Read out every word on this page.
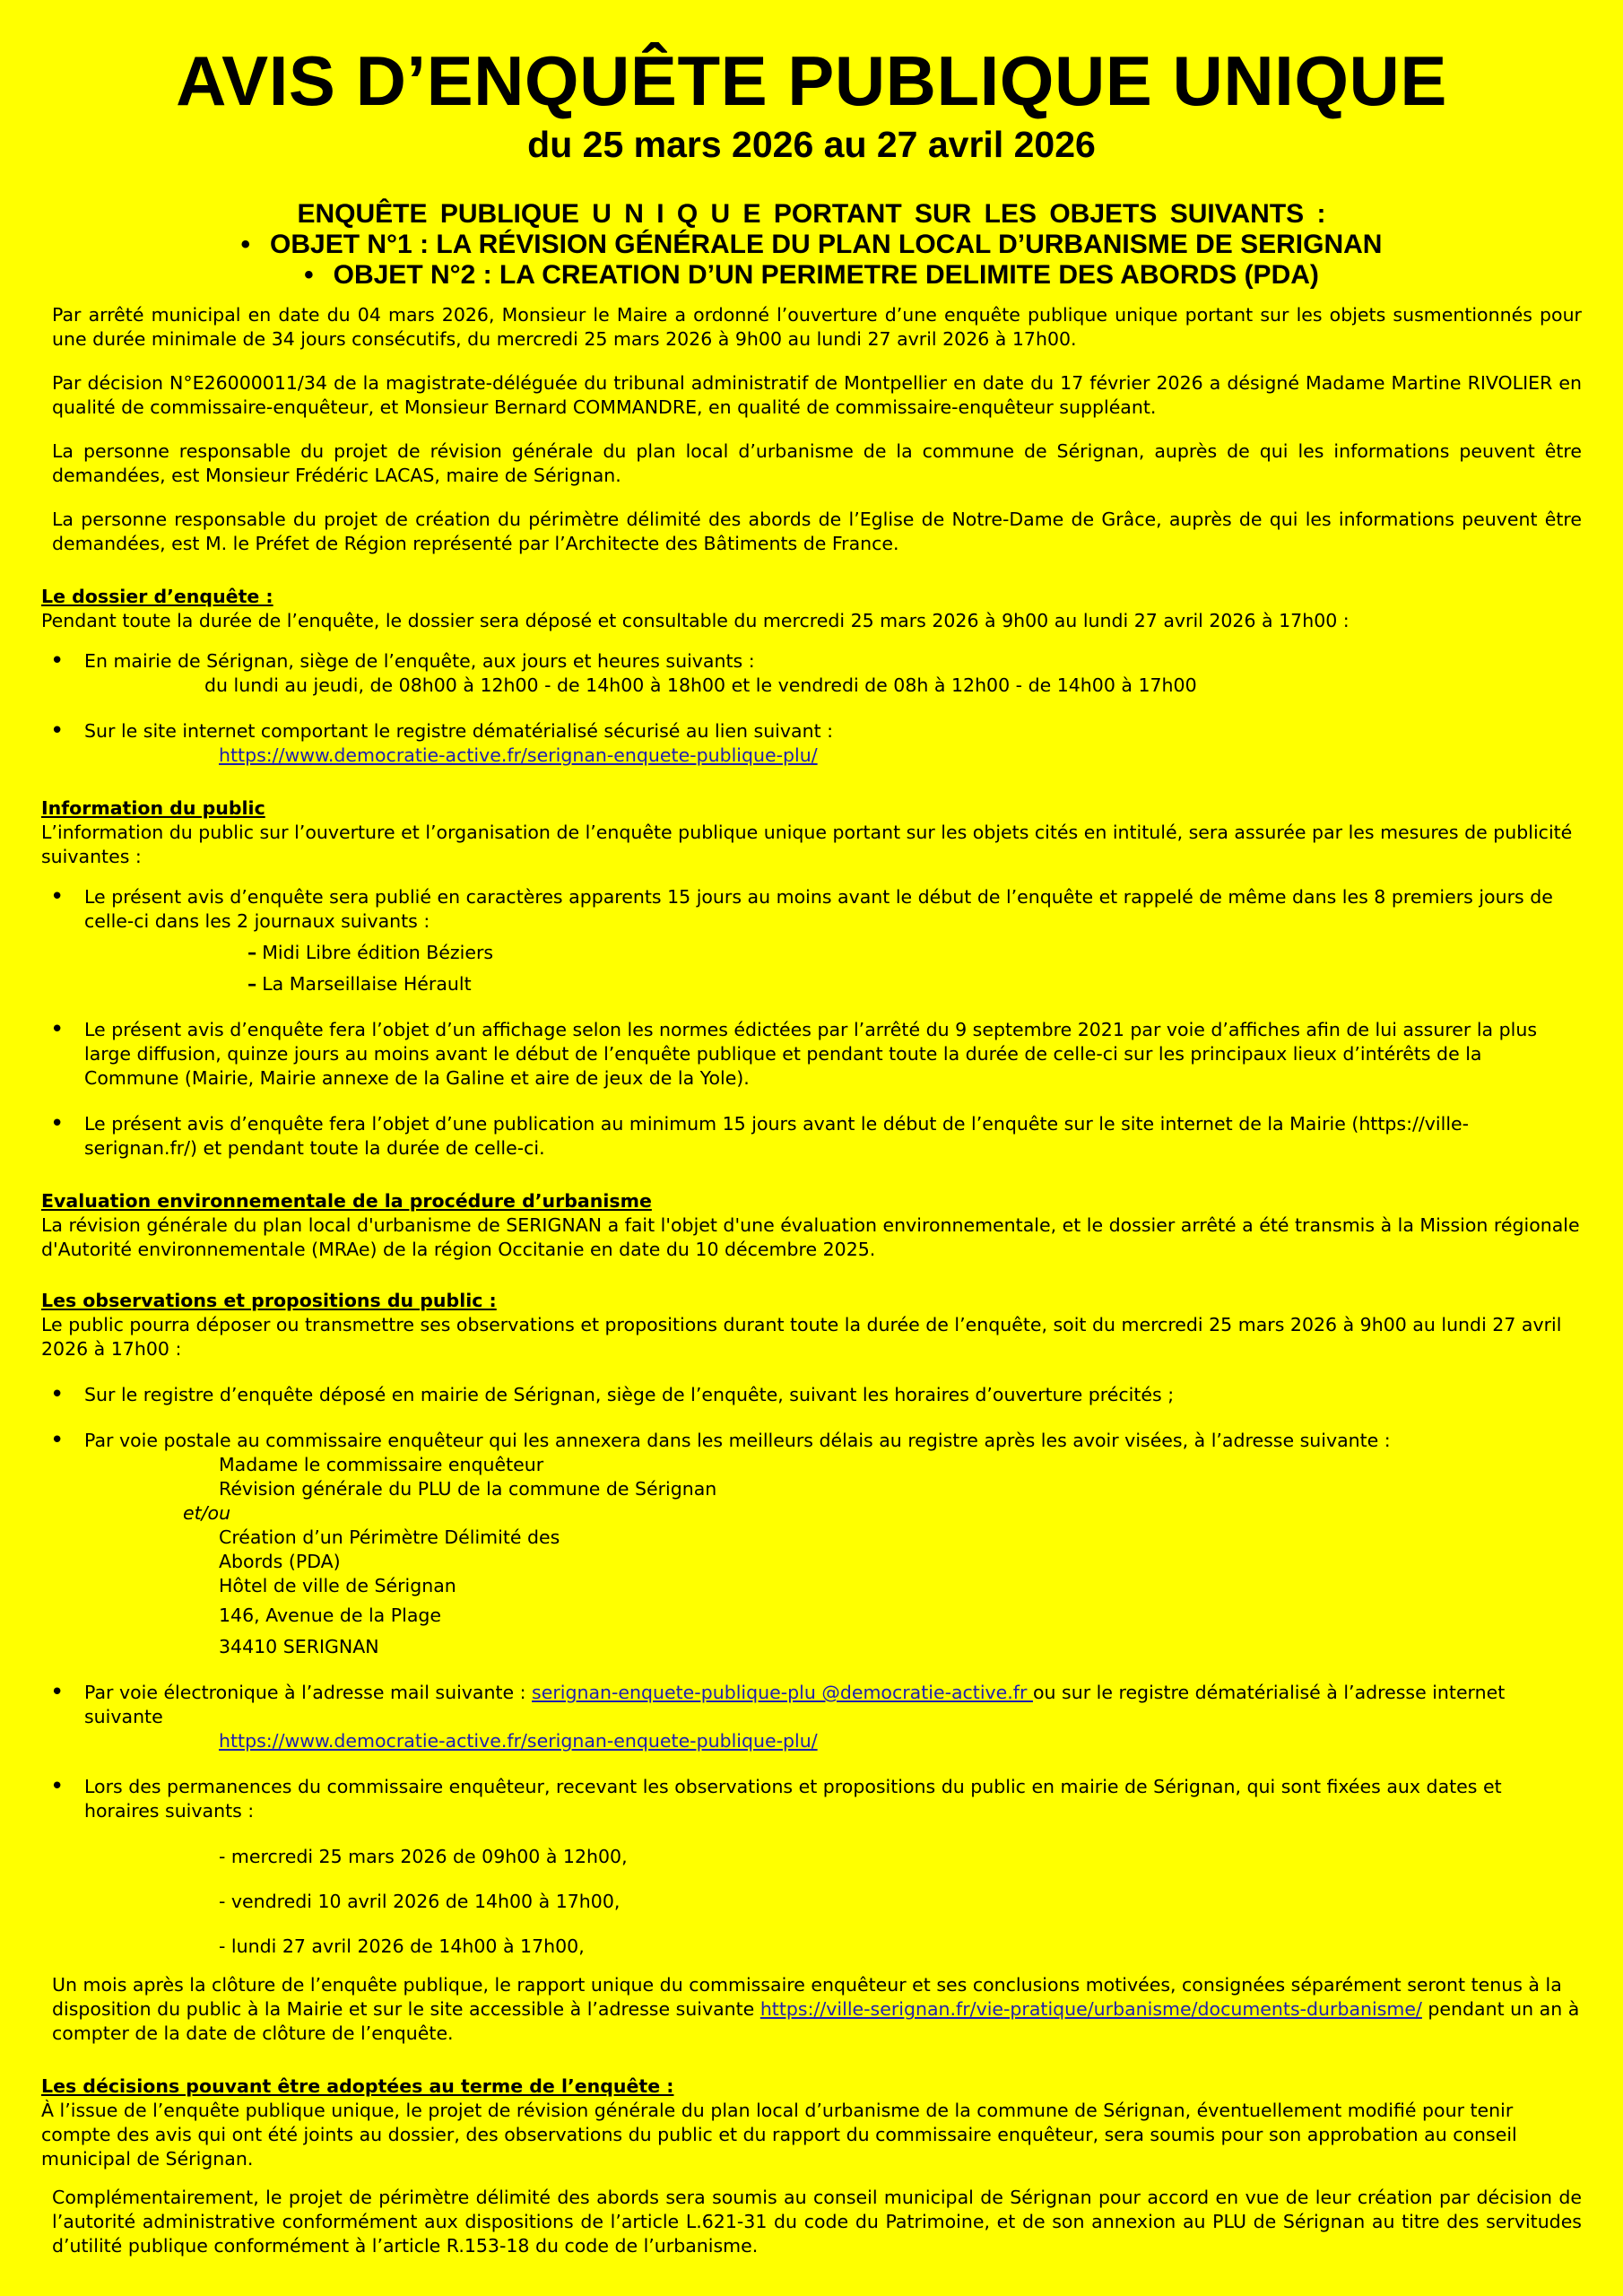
AVIS D’ENQUÊTE PUBLIQUE UNIQUE
du 25 mars 2026 au 27 avril 2026
ENQUÊTE PUBLIQUE U N I Q U E PORTANT SUR LES OBJETS SUIVANTS :
• OBJET N°1 : LA RÉVISION GÉNÉRALE DU PLAN LOCAL D’URBANISME DE SERIGNAN
• OBJET N°2 : LA CREATION D’UN PERIMETRE DELIMITE DES ABORDS (PDA)

Par arrêté municipal en date du 04 mars 2026, Monsieur le Maire a ordonné l’ouverture d’une enquête publique unique portant sur les objets susmentionnés pour une durée minimale de 34 jours consécutifs, du mercredi 25 mars 2026 à 9h00 au lundi 27 avril 2026 à 17h00.

Par décision N°E26000011/34 de la magistrate-déléguée du tribunal administratif de Montpellier en date du 17 février 2026 a désigné Madame Martine RIVOLIER en qualité de commissaire-enquêteur, et Monsieur Bernard COMMANDRE, en qualité de commissaire-enquêteur suppléant.

La personne responsable du projet de révision générale du plan local d’urbanisme de la commune de Sérignan, auprès de qui les informations peuvent être demandées, est Monsieur Frédéric LACAS, maire de Sérignan.

La personne responsable du projet de création du périmètre délimité des abords de l’Eglise de Notre-Dame de Grâce, auprès de qui les informations peuvent être demandées, est M. le Préfet de Région représenté par l’Architecte des Bâtiments de France.

Le dossier d’enquête :

Pendant toute la durée de l’enquête, le dossier sera déposé et consultable du mercredi 25 mars 2026 à 9h00 au lundi 27 avril 2026 à 17h00 :

• En mairie de Sérignan, siège de l’enquête, aux jours et heures suivants :
du lundi au jeudi, de 08h00 à 12h00 - de 14h00 à 18h00 et le vendredi de 08h à 12h00 - de 14h00 à 17h00
• Sur le site internet comportant le registre dématérialisé sécurisé au lien suivant :
https://www.democratie-active.fr/serignan-enquete-publique-plu/

Information du public

L’information du public sur l’ouverture et l’organisation de l’enquête publique unique portant sur les objets cités en intitulé, sera assurée par les mesures de publicité suivantes :

• Le présent avis d’enquête sera publié en caractères apparents 15 jours au moins avant le début de l’enquête et rappelé de même dans les 8 premiers jours de celle-ci dans les 2 journaux suivants :
– Midi Libre édition Béziers
– La Marseillaise Hérault
• Le présent avis d’enquête fera l’objet d’un affichage selon les normes édictées par l’arrêté du 9 septembre 2021 par voie d’affiches afin de lui assurer la plus large diffusion, quinze jours au moins avant le début de l’enquête publique et pendant toute la durée de celle-ci sur les principaux lieux d’intérêts de la Commune (Mairie, Mairie annexe de la Galine et aire de jeux de la Yole).
• Le présent avis d’enquête fera l’objet d’une publication au minimum 15 jours avant le début de l’enquête sur le site internet de la Mairie (https://ville-serignan.fr/) et pendant toute la durée de celle-ci.

Evaluation environnementale de la procédure d’urbanisme

La révision générale du plan local d'urbanisme de SERIGNAN a fait l'objet d'une évaluation environnementale, et le dossier arrêté a été transmis à la Mission régionale d'Autorité environnementale (MRAe) de la région Occitanie en date du 10 décembre 2025.

Les observations et propositions du public :

Le public pourra déposer ou transmettre ses observations et propositions durant toute la durée de l’enquête, soit du mercredi 25 mars 2026 à 9h00 au lundi 27 avril 2026 à 17h00 :

• Sur le registre d’enquête déposé en mairie de Sérignan, siège de l’enquête, suivant les horaires d’ouverture précités ;
• Par voie postale au commissaire enquêteur qui les annexera dans les meilleurs délais au registre après les avoir visées, à l’adresse suivante :
Madame le commissaire enquêteur
Révision générale du PLU de la commune de Sérignan
et/ou
Création d’un Périmètre Délimité des
Abords (PDA)
Hôtel de ville de Sérignan
146, Avenue de la Plage
34410 SERIGNAN
• Par voie électronique à l’adresse mail suivante : serignan-enquete-publique-plu @democratie-active.fr ou sur le registre dématérialisé à l’adresse internet suivante
https://www.democratie-active.fr/serignan-enquete-publique-plu/
• Lors des permanences du commissaire enquêteur, recevant les observations et propositions du public en mairie de Sérignan, qui sont fixées aux dates et horaires suivants :
- mercredi 25 mars 2026 de 09h00 à 12h00,
- vendredi 10 avril 2026 de 14h00 à 17h00,
- lundi 27 avril 2026 de 14h00 à 17h00,

Un mois après la clôture de l’enquête publique, le rapport unique du commissaire enquêteur et ses conclusions motivées, consignées séparément seront tenus à la disposition du public à la Mairie et sur le site accessible à l’adresse suivante https://ville-serignan.fr/vie-pratique/urbanisme/documents-durbanisme/ pendant un an à compter de la date de clôture de l’enquête.

Les décisions pouvant être adoptées au terme de l’enquête :

À l’issue de l’enquête publique unique, le projet de révision générale du plan local d’urbanisme de la commune de Sérignan, éventuellement modifié pour tenir compte des avis qui ont été joints au dossier, des observations du public et du rapport du commissaire enquêteur, sera soumis pour son approbation au conseil municipal de Sérignan.

Complémentairement, le projet de périmètre délimité des abords sera soumis au conseil municipal de Sérignan pour accord en vue de leur création par décision de l’autorité administrative conformément aux dispositions de l’article L.621-31 du code du Patrimoine, et de son annexion au PLU de Sérignan au titre des servitudes d’utilité publique conformément à l’article R.153-18 du code de l’urbanisme.
